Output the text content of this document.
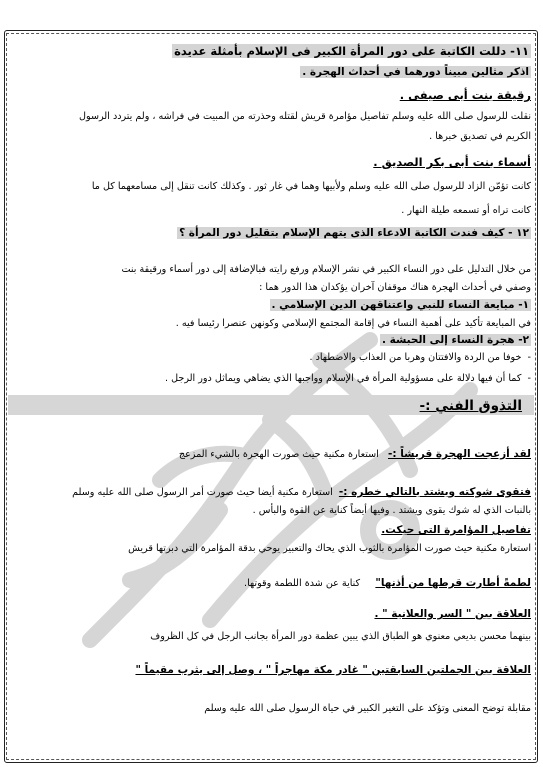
١١- دللت الكاتبة على دور المرأة الكبير فى الإسلام بأمثلة عديدة
اذكر مثالين مبيناً دورهما في أحداث الهجرة .
رقيقة بنت أبى صيفى .
نقلت للرسول صلى الله عليه وسلم تفاصيل مؤامرة قريش لقتله وحذرته من المبيت في فراشه ، ولم يتردد الرسول
الكريم في تصديق خبرها .
أسماء بنت أبى بكر الصديق .
كانت تؤمّن الزاد للرسول صلى الله عليه وسلم ولأبيها وهما في غار ثور . وكذلك كانت تنقل إلى مسامعهما كل ما
كانت تراه أو تسمعه طيلة النهار .
١٢ - كيف فندت الكاتبة الادعاء الذى يتهم الإسلام بتقليل دور المرأة ؟
من خلال التدليل على دور النساء الكبير في نشر الإسلام ورفع رايته فبالإضافة إلى دور أسماء ورقيقة بنت
وصفي في أحداث الهجرة هناك موقفان آخران يؤكدان هذا الدور هما :
١- مبايعة النساء للنبي واعتناقهن الدين الإسلامي .
في المبايعة تأكيد على أهمية النساء في إقامة المجتمع الإسلامي وكونهن عنصرا رئيسا فيه .
٢- هجرة النساء إلى الحبشة .
-  خوفا من الردة والافتتان وهربا من العذاب والاضطهاد .
-  كما أن فيها دلالة على مسؤولية المرأة في الإسلام وواجبها الذي يضاهي ويماثل دور الرجل .
التذوق الفني :-
لقد أزعجت الهجرة قريشاً :-   استعارة مكنية حيث صورت الهجرة بالشيء المزعج
فتقوى شوكته ويشتد بالتالي خطره :-  استعارة مكنية أيضا حيث صورت أمر الرسول صلى الله عليه وسلم
بالنبات الذي له شوك يقوى ويشتد . وفيها أيضاً كناية عن القوة والبأس .
تفاصيل المؤامرة التى حيكت.
استعارة مكنية حيث صورت المؤامرة بالثوب الذي يحاك والتعبير يوحي بدقة المؤامرة التي دبرتها قريش
لطمةً أطارت قرطها من أذنها"     كناية عن شدة اللطمة وقوتها.
العلاقة بين " السر والعلانية " .
بينهما محسن بديعي معنوي هو الطباق الذي يبين عظمة دور المرأة بجانب الرجل في كل الظروف
العلاقة بين الجملتين السابقتين " غادر مكة مهاجراً " ، وصل إلى يثرب مقيماً "
مقابلة توضح المعنى وتؤكد على التغير الكبير في حياة الرسول صلى الله عليه وسلم
